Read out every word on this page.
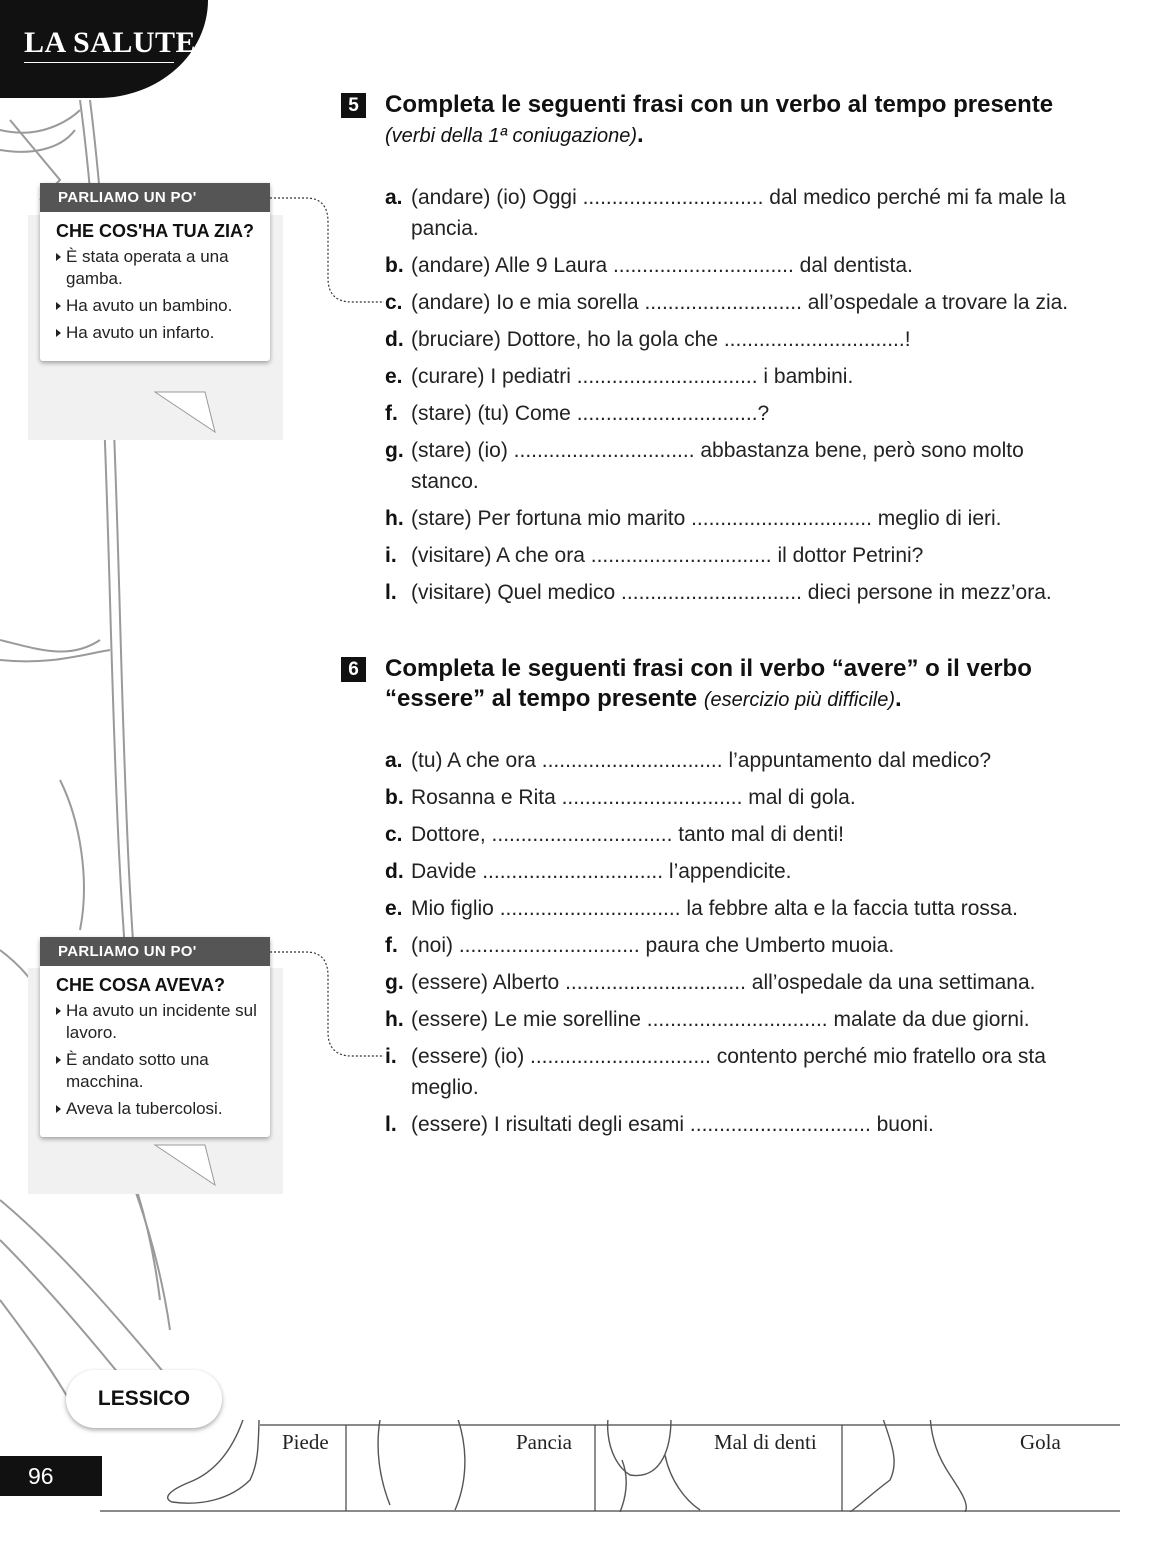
LA SALUTE
PARLIAMO UN PO'
CHE COS'HA TUA ZIA?
È stata operata a una gamba.
Ha avuto un bambino.
Ha avuto un infarto.
PARLIAMO UN PO'
CHE COSA AVEVA?
Ha avuto un incidente sul lavoro.
È andato sotto una macchina.
Aveva la tubercolosi.
5	Completa le seguenti frasi con un verbo al tempo presente
(verbi della 1ª coniugazione).
a. (andare) (io) Oggi ............................... dal medico perché mi fa male la pancia.
b. (andare) Alle 9 Laura ............................... dal dentista.
c. (andare) Io e mia sorella ........................... all’ospedale a trovare la zia.
d. (bruciare) Dottore, ho la gola che ...............................!
e. (curare) I pediatri ............................... i bambini.
f. (stare) (tu) Come ...............................?
g. (stare) (io) ............................... abbastanza bene, però sono molto stanco.
h. (stare) Per fortuna mio marito ............................... meglio di ieri.
i. (visitare) A che ora ............................... il dottor Petrini?
l. (visitare) Quel medico ............................... dieci persone in mezz’ora.
6	Completa le seguenti frasi con il verbo “avere” o il verbo “essere” al tempo presente (esercizio più difficile).
a. (tu) A che ora ............................... l’appuntamento dal medico?
b. Rosanna e Rita ............................... mal di gola.
c. Dottore, ............................... tanto mal di denti!
d. Davide ............................... l’appendicite.
e. Mio figlio ............................... la febbre alta e la faccia tutta rossa.
f. (noi) ............................... paura che Umberto muoia.
g. (essere) Alberto ............................... all’ospedale da una settimana.
h. (essere) Le mie sorelline ............................... malate da due giorni.
i. (essere) (io) ............................... contento perché mio fratello ora sta meglio.
l. (essere) I risultati degli esami ............................... buoni.
Piede	Pancia	Mal di denti	Gola
LESSICO
96
